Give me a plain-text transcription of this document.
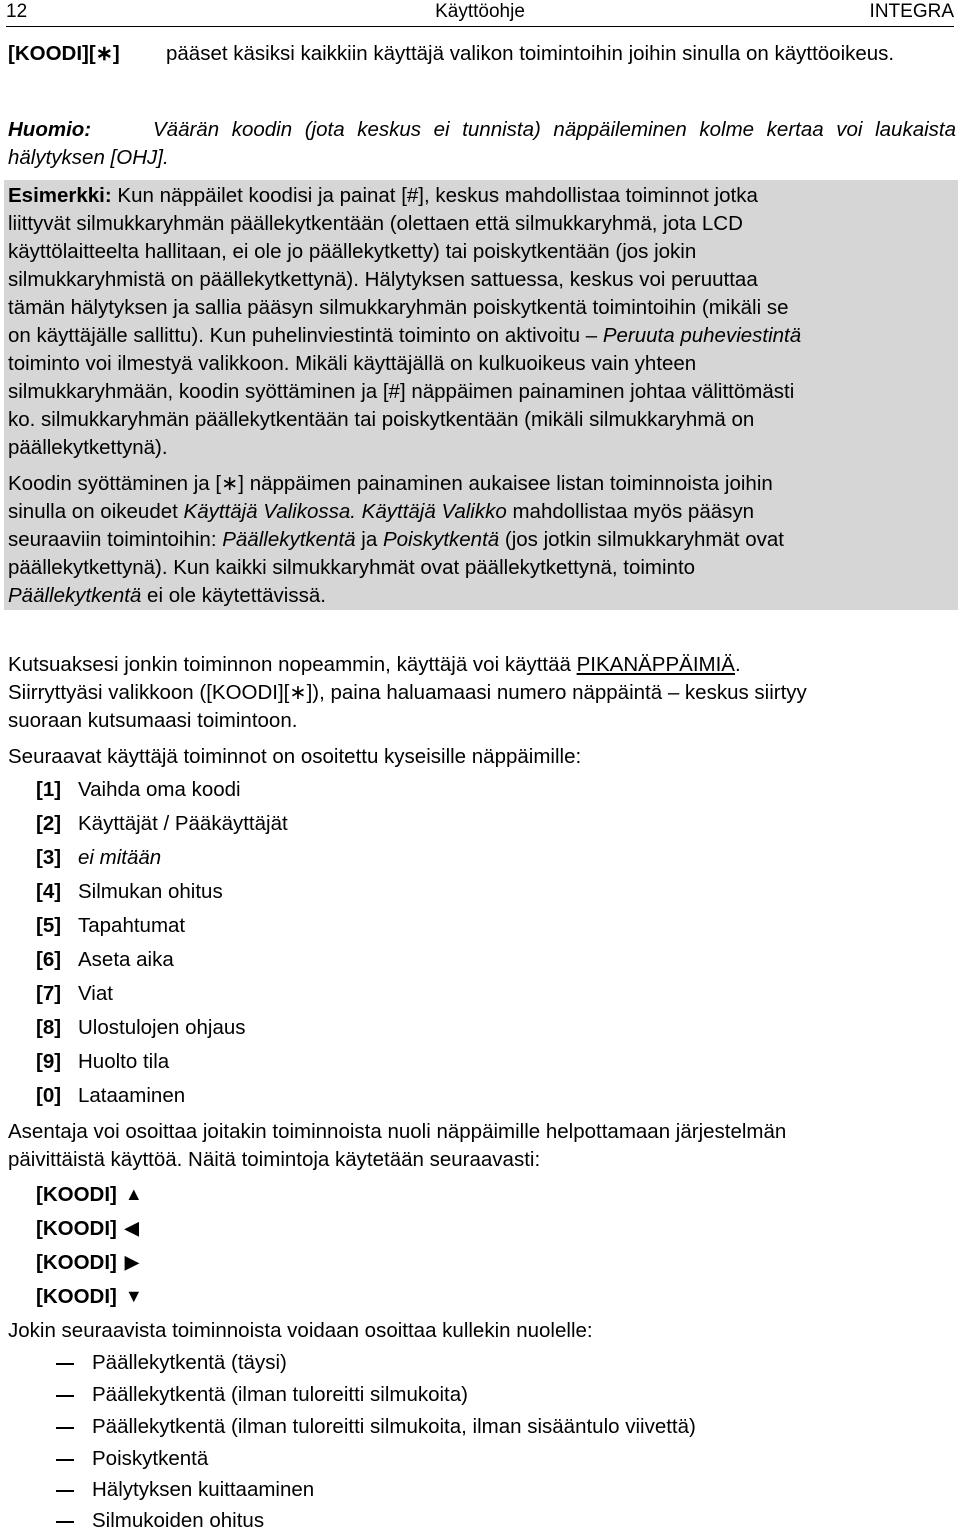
12	Käyttöohje	INTEGRA
pääset käsiksi kaikkiin käyttäjä valikon toimintoihin joihin sinulla on käyttöoikeus.
[KOODI][∗]
Väärän koodin (jota keskus ei tunnista) näppäileminen kolme kertaa voi laukaista hälytyksen [OHJ].
Huomio:
Esimerkki: Kun näppäilet koodisi ja painat [#], keskus mahdollistaa toiminnot jotka
liittyvät silmukkaryhmän päällekytkentään (olettaen että silmukkaryhmä, jota LCD
käyttölaitteelta hallitaan, ei ole jo päällekytketty) tai poiskytkentään (jos jokin
silmukkaryhmistä on päällekytkettynä). Hälytyksen sattuessa, keskus voi peruuttaa
tämän hälytyksen ja sallia pääsyn silmukkaryhmän poiskytkentä toimintoihin (mikäli se
on käyttäjälle sallittu). Kun puhelinviestintä toiminto on aktivoitu – Peruuta puheviestintä
toiminto voi ilmestyä valikkoon. Mikäli käyttäjällä on kulkuoikeus vain yhteen
silmukkaryhmään, koodin syöttäminen ja [#] näppäimen painaminen johtaa välittömästi
ko. silmukkaryhmän päällekytkentään tai poiskytkentään (mikäli silmukkaryhmä on
päällekytkettynä).
Koodin syöttäminen ja [∗] näppäimen painaminen aukaisee listan toiminnoista joihin
sinulla on oikeudet Käyttäjä Valikossa. Käyttäjä Valikko mahdollistaa myös pääsyn
seuraaviin toimintoihin: Päällekytkentä ja Poiskytkentä (jos jotkin silmukkaryhmät ovat
päällekytkettynä). Kun kaikki silmukkaryhmät ovat päällekytkettynä, toiminto
Päällekytkentä ei ole käytettävissä.
Kutsuaksesi jonkin toiminnon nopeammin, käyttäjä voi käyttää PIKANÄPPÄIMIÄ.
Siirryttyäsi valikkoon ([KOODI][∗]), paina haluamaasi numero näppäintä – keskus siirtyy
suoraan kutsumaasi toimintoon.
Seuraavat käyttäjä toiminnot on osoitettu kyseisille näppäimille:
[1] Vaihda oma koodi
[2] Käyttäjät / Pääkäyttäjät
[3] ei mitään
[4] Silmukan ohitus
[5] Tapahtumat
[6] Aseta aika
[7] Viat
[8] Ulostulojen ohjaus
[9] Huolto tila
[0] Lataaminen
Asentaja voi osoittaa joitakin toiminnoista nuoli näppäimille helpottamaan järjestelmän
päivittäistä käyttöä. Näitä toimintoja käytetään seuraavasti:
[KOODI] ▲
[KOODI] ◀
[KOODI] ▶
[KOODI] ▼
Jokin seuraavista toiminnoista voidaan osoittaa kullekin nuolelle:
Päällekytkentä (täysi)
Päällekytkentä (ilman tuloreitti silmukoita)
Päällekytkentä (ilman tuloreitti silmukoita, ilman sisääntulo viivettä)
Poiskytkentä
Hälytyksen kuittaaminen
Silmukoiden ohitus
